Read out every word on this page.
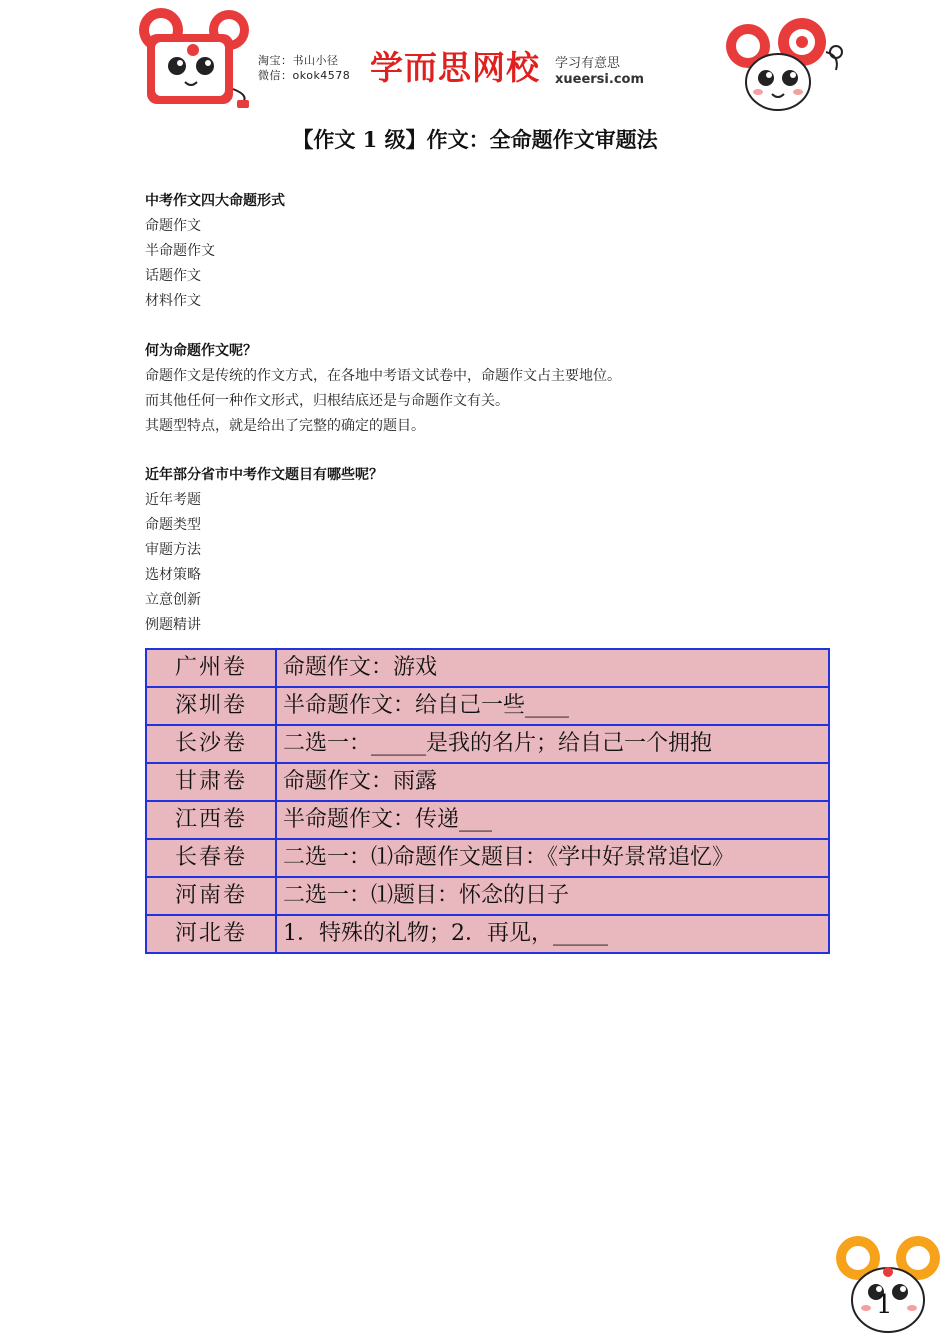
淘宝：书山小径
微信：okok4578 学而思网校 学习有意思
xueersi.com
【作文 1 级】作文：全命题作文审题法
中考作文四大命题形式
命题作文
半命题作文
话题作文
材料作文
何为命题作文呢？
命题作文是传统的作文方式，在各地中考语文试卷中，命题作文占主要地位。
而其他任何一种作文形式，归根结底还是与命题作文有关。
其题型特点，就是给出了完整的确定的题目。
近年部分省市中考作文题目有哪些呢？
近年考题
命题类型
审题方法
选材策略
立意创新
例题精讲
广州卷	命题作文：游戏
深圳卷	半命题作文：给自己一些____
长沙卷	二选一：_____是我的名片；给自己一个拥抱
甘肃卷	命题作文：雨露
江西卷	半命题作文：传递___
长春卷	二选一：⑴命题作文题目：《学中好景常追忆》
河南卷	二选一：⑴题目：怀念的日子
河北卷	1．特殊的礼物；2．再见，_____
1
